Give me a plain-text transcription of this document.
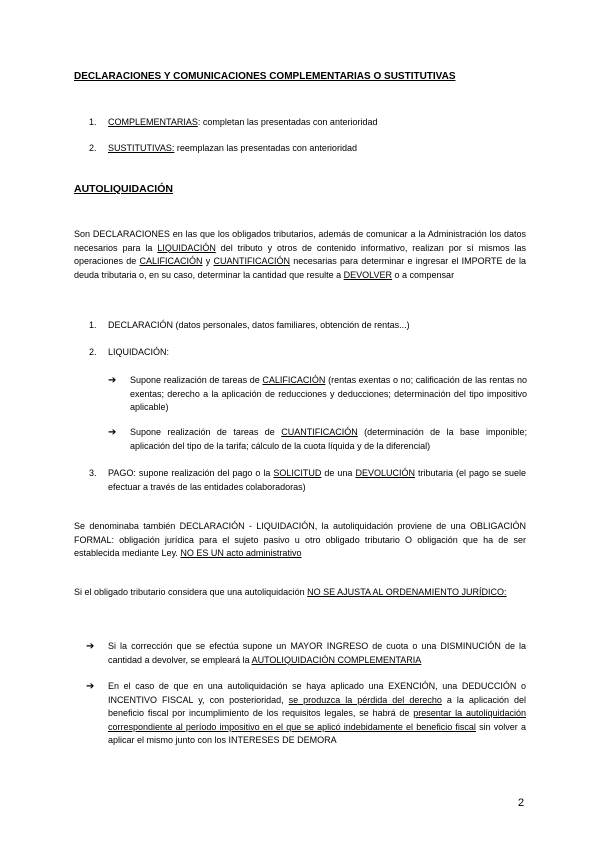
DECLARACIONES Y COMUNICACIONES COMPLEMENTARIAS O SUSTITUTIVAS
1. COMPLEMENTARIAS: completan las presentadas con anterioridad
2. SUSTITUTIVAS: reemplazan las presentadas con anterioridad
AUTOLIQUIDACIÓN
Son DECLARACIONES en las que los obligados tributarios, además de comunicar a la Administración los datos necesarios para la LIQUIDACIÓN del tributo y otros de contenido informativo, realizan por sí mismos las operaciones de CALIFICACIÓN y CUANTIFICACIÓN necesarias para determinar e ingresar el IMPORTE de la deuda tributaria o, en su caso, determinar la cantidad que resulte a DEVOLVER o a compensar
1. DECLARACIÓN (datos personales, datos familiares, obtención de rentas...)
2. LIQUIDACIÓN:
➔ Supone realización de tareas de CALIFICACIÓN (rentas exentas o no; calificación de las rentas no exentas; derecho a la aplicación de reducciones y deducciones; determinación del tipo impositivo aplicable)
➔ Supone realización de tareas de CUANTIFICACIÓN (determinación de la base imponible; aplicación del tipo de la tarifa; cálculo de la cuota líquida y de la diferencial)
3. PAGO: supone realización del pago o la SOLICITUD de una DEVOLUCIÓN tributaria (el pago se suele efectuar a través de las entidades colaboradoras)
Se denominaba también DECLARACIÓN - LIQUIDACIÓN, la autoliquidación proviene de una OBLIGACIÓN FORMAL: obligación jurídica para el sujeto pasivo u otro obligado tributario O obligación que ha de ser establecida mediante Ley. NO ES UN acto administrativo
Si el obligado tributario considera que una autoliquidación NO SE AJUSTA AL ORDENAMIENTO JURÍDICO:
➔ Si la corrección que se efectúa supone un MAYOR INGRESO de cuota o una DISMINUCIÓN de la cantidad a devolver, se empleará la AUTOLIQUIDACIÓN COMPLEMENTARIA
➔ En el caso de que en una autoliquidación se haya aplicado una EXENCIÓN, una DEDUCCIÓN o INCENTIVO FISCAL y, con posterioridad, se produzca la pérdida del derecho a la aplicación del beneficio fiscal por incumplimiento de los requisitos legales, se habrá de presentar la autoliquidación correspondiente al período impositivo en el que se aplicó indebidamente el beneficio fiscal sin volver a aplicar el mismo junto con los INTERESES DE DEMORA
2
